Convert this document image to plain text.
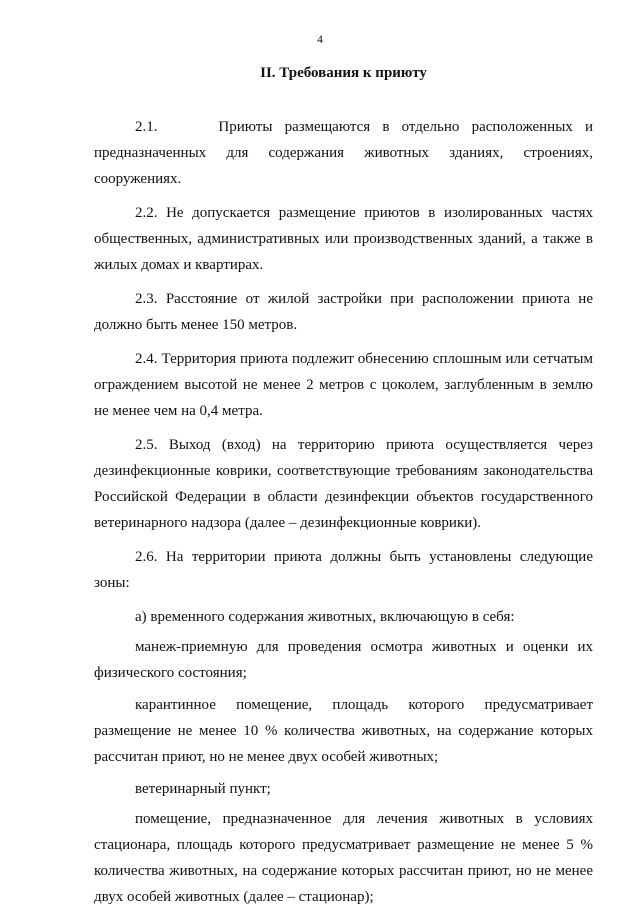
4
II. Требования к приюту

2.1.     Приюты размещаются в отдельно расположенных и предназначенных для содержания животных зданиях, строениях, сооружениях.

2.2. Не допускается размещение приютов в изолированных частях общественных, административных или производственных зданий, а также в жилых домах и квартирах.

2.3. Расстояние от жилой застройки при расположении приюта не должно быть менее 150 метров.

2.4. Территория приюта подлежит обнесению сплошным или сетчатым ограждением высотой не менее 2 метров с цоколем, заглубленным в землю не менее чем на 0,4 метра.

2.5. Выход (вход) на территорию приюта осуществляется через дезинфекционные коврики, соответствующие требованиям законодательства Российской Федерации в области дезинфекции объектов государственного ветеринарного надзора (далее – дезинфекционные коврики).

2.6. На территории приюта должны быть установлены следующие зоны:

а) временного содержания животных, включающую в себя:

манеж-приемную для проведения осмотра животных и оценки их физического состояния;

карантинное помещение, площадь которого предусматривает размещение не менее 10 % количества животных, на содержание которых рассчитан приют, но не менее двух особей животных;

ветеринарный пункт;

помещение, предназначенное для лечения животных в условиях стационара, площадь которого предусматривает размещение не менее 5 % количества животных, на содержание которых рассчитан приют, но не менее двух особей животных (далее – стационар);
